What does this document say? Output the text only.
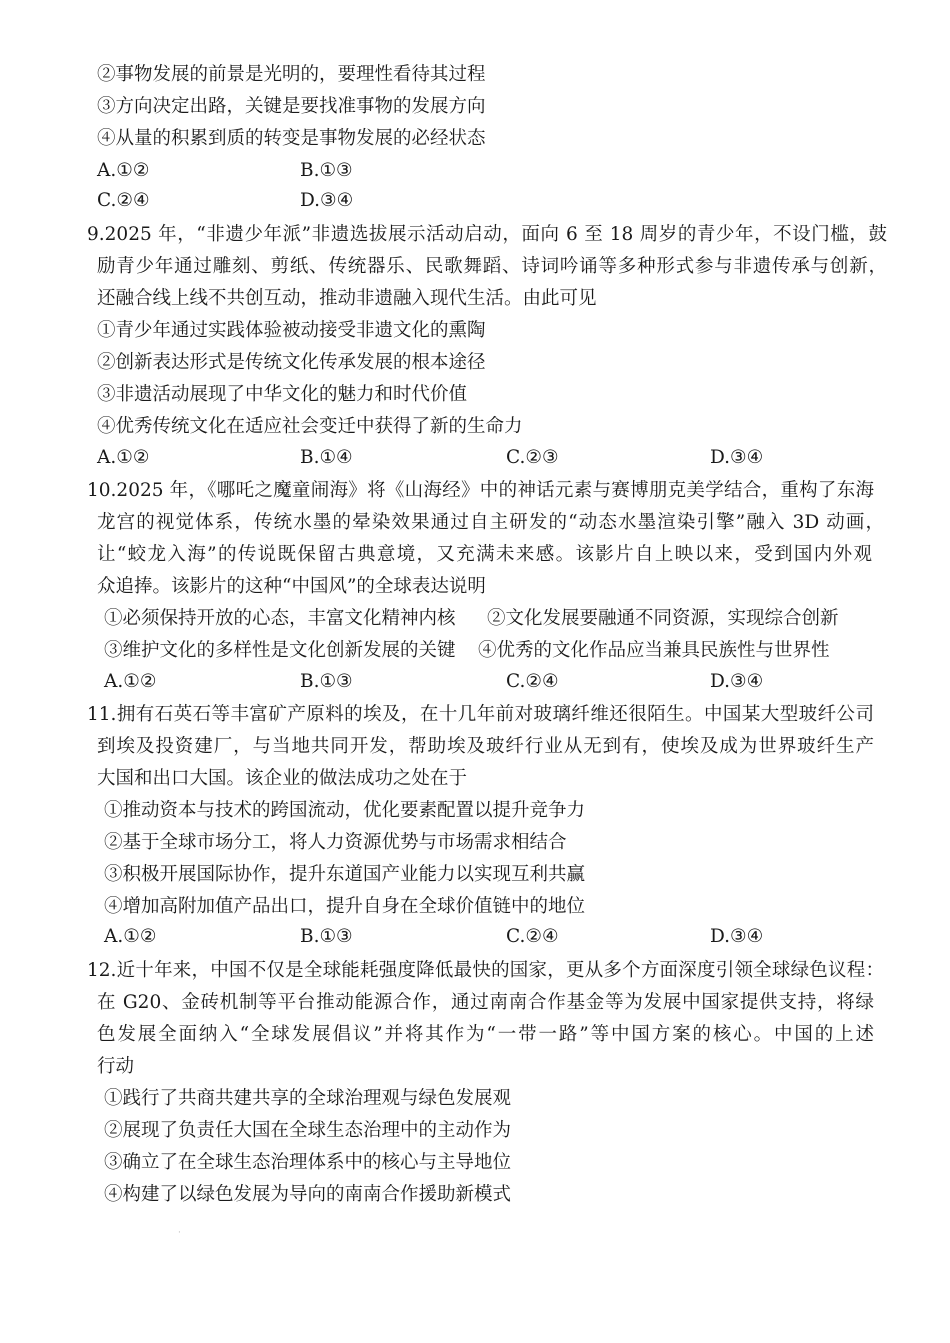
②事物发展的前景是光明的，要理性看待其过程
③方向决定出路，关键是要找准事物的发展方向
④从量的积累到质的转变是事物发展的必经状态
A.①②	B.①③
C.②④	D.③④
9.2025 年，“非遗少年派”非遗选拔展示活动启动，面向 6 至 18 周岁的青少年，不设门槛，鼓
励青少年通过雕刻、剪纸、传统器乐、民歌舞蹈、诗词吟诵等多种形式参与非遗传承与创新，
还融合线上线不共创互动，推动非遗融入现代生活。由此可见
①青少年通过实践体验被动接受非遗文化的熏陶
②创新表达形式是传统文化传承发展的根本途径
③非遗活动展现了中华文化的魅力和时代价值
④优秀传统文化在适应社会变迁中获得了新的生命力
A.①②	B.①④	C.②③	D.③④
10.2025 年，《哪吒之魔童闹海》将《山海经》中的神话元素与赛博朋克美学结合，重构了东海
龙宫的视觉体系，传统水墨的晕染效果通过自主研发的“动态水墨渲染引擎”融入 3D 动画，
让“蛟龙入海”的传说既保留古典意境，又充满未来感。该影片自上映以来，受到国内外观
众追捧。该影片的这种“中国风”的全球表达说明
①必须保持开放的心态，丰富文化精神内核 ②文化发展要融通不同资源，实现综合创新
③维护文化的多样性是文化创新发展的关键 ④优秀的文化作品应当兼具民族性与世界性
A.①②	B.①③	C.②④	D.③④
11.拥有石英石等丰富矿产原料的埃及，在十几年前对玻璃纤维还很陌生。中国某大型玻纤公司
到埃及投资建厂，与当地共同开发，帮助埃及玻纤行业从无到有，使埃及成为世界玻纤生产
大国和出口大国。该企业的做法成功之处在于
①推动资本与技术的跨国流动，优化要素配置以提升竞争力
②基于全球市场分工，将人力资源优势与市场需求相结合
③积极开展国际协作，提升东道国产业能力以实现互利共赢
④增加高附加值产品出口，提升自身在全球价值链中的地位
A.①②	B.①③	C.②④	D.③④
12.近十年来，中国不仅是全球能耗强度降低最快的国家，更从多个方面深度引领全球绿色议程：
在 G20、金砖机制等平台推动能源合作，通过南南合作基金等为发展中国家提供支持，将绿
色发展全面纳入“全球发展倡议”并将其作为“一带一路”等中国方案的核心。中国的上述
行动
①践行了共商共建共享的全球治理观与绿色发展观
②展现了负责任大国在全球生态治理中的主动作为
③确立了在全球生态治理体系中的核心与主导地位
④构建了以绿色发展为导向的南南合作援助新模式
·
